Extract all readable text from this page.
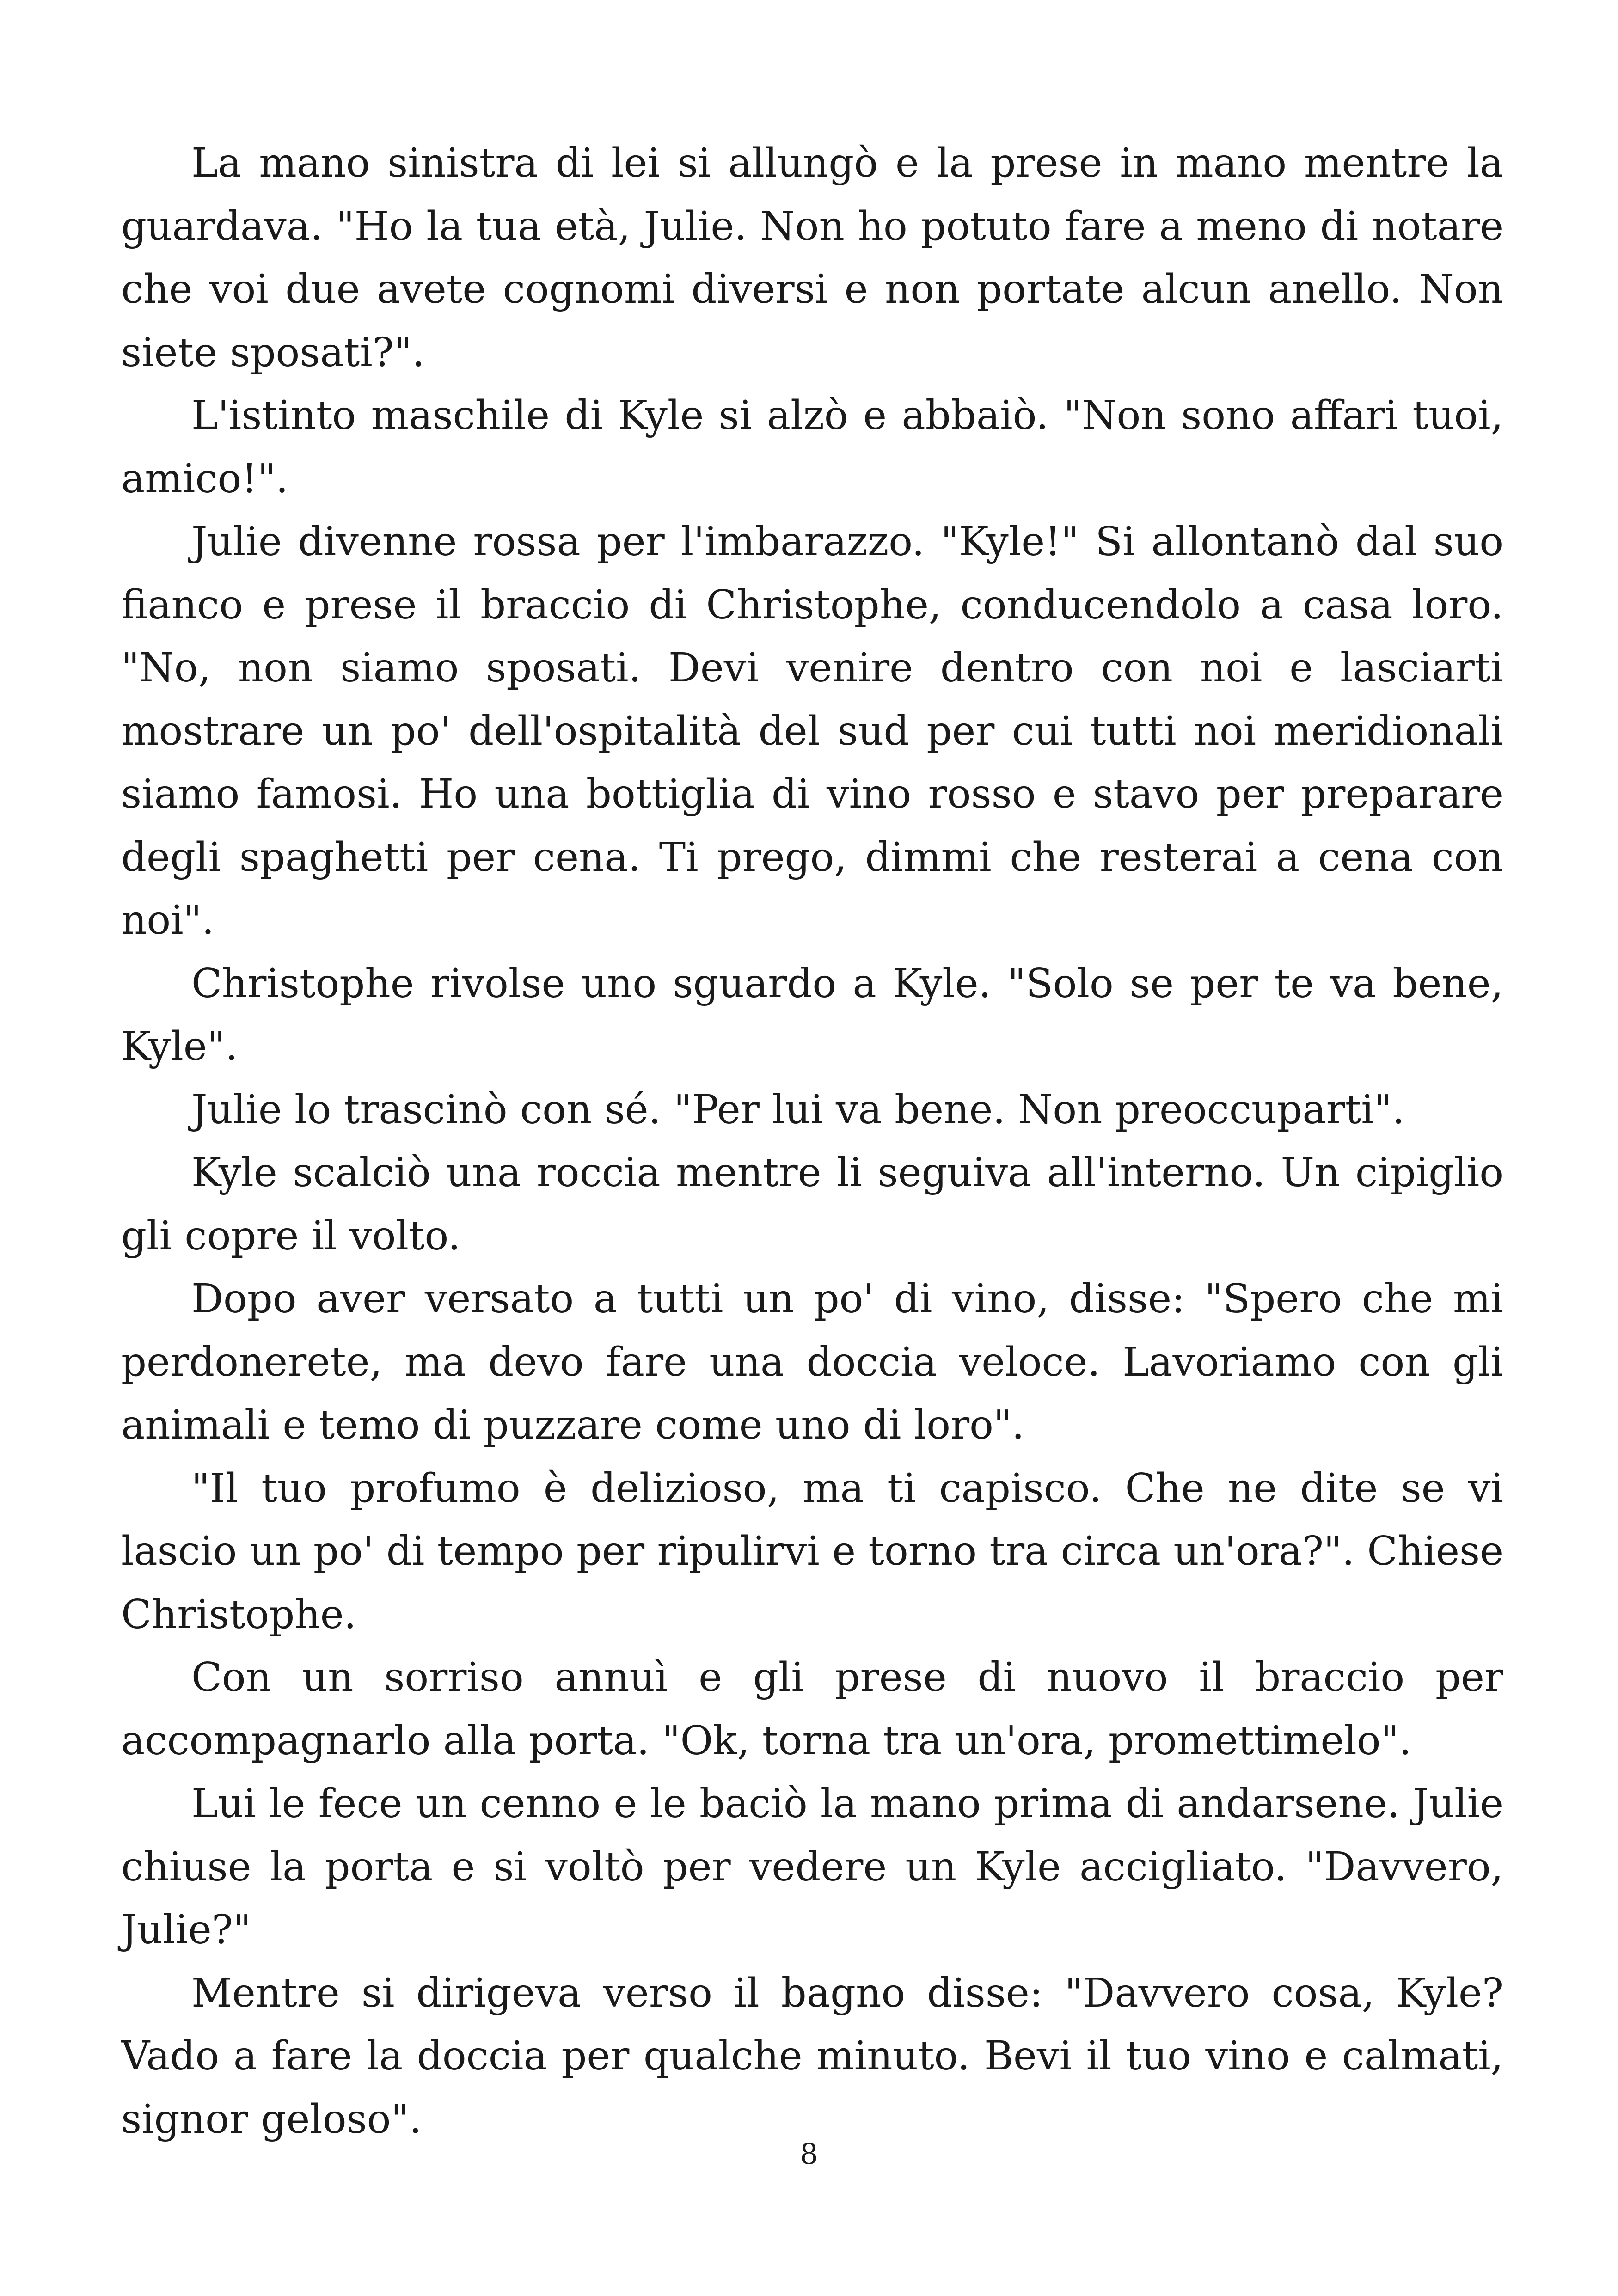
La mano sinistra di lei si allungò e la prese in mano mentre la guardava. "Ho la tua età, Julie. Non ho potuto fare a meno di notare che voi due avete cognomi diversi e non portate alcun anello. Non siete sposati?".

L'istinto maschile di Kyle si alzò e abbaiò. "Non sono affari tuoi, amico!".

Julie divenne rossa per l'imbarazzo. "Kyle!" Si allontanò dal suo fianco e prese il braccio di Christophe, conducendolo a casa loro. "No, non siamo sposati. Devi venire dentro con noi e lasciarti mostrare un po' dell'ospitalità del sud per cui tutti noi meridionali siamo famosi. Ho una bottiglia di vino rosso e stavo per preparare degli spaghetti per cena. Ti prego, dimmi che resterai a cena con noi".

Christophe rivolse uno sguardo a Kyle. "Solo se per te va bene, Kyle".

Julie lo trascinò con sé. "Per lui va bene. Non preoccuparti".

Kyle scalciò una roccia mentre li seguiva all'interno. Un cipiglio gli copre il volto.

Dopo aver versato a tutti un po' di vino, disse: "Spero che mi perdonerete, ma devo fare una doccia veloce. Lavoriamo con gli animali e temo di puzzare come uno di loro".

"Il tuo profumo è delizioso, ma ti capisco. Che ne dite se vi lascio un po' di tempo per ripulirvi e torno tra circa un'ora?". Chiese Christophe.

Con un sorriso annuì e gli prese di nuovo il braccio per accompagnarlo alla porta. "Ok, torna tra un'ora, promettimelo".

Lui le fece un cenno e le baciò la mano prima di andarsene. Julie chiuse la porta e si voltò per vedere un Kyle accigliato. "Davvero, Julie?"

Mentre si dirigeva verso il bagno disse: "Davvero cosa, Kyle? Vado a fare la doccia per qualche minuto. Bevi il tuo vino e calmati, signor geloso".

8
